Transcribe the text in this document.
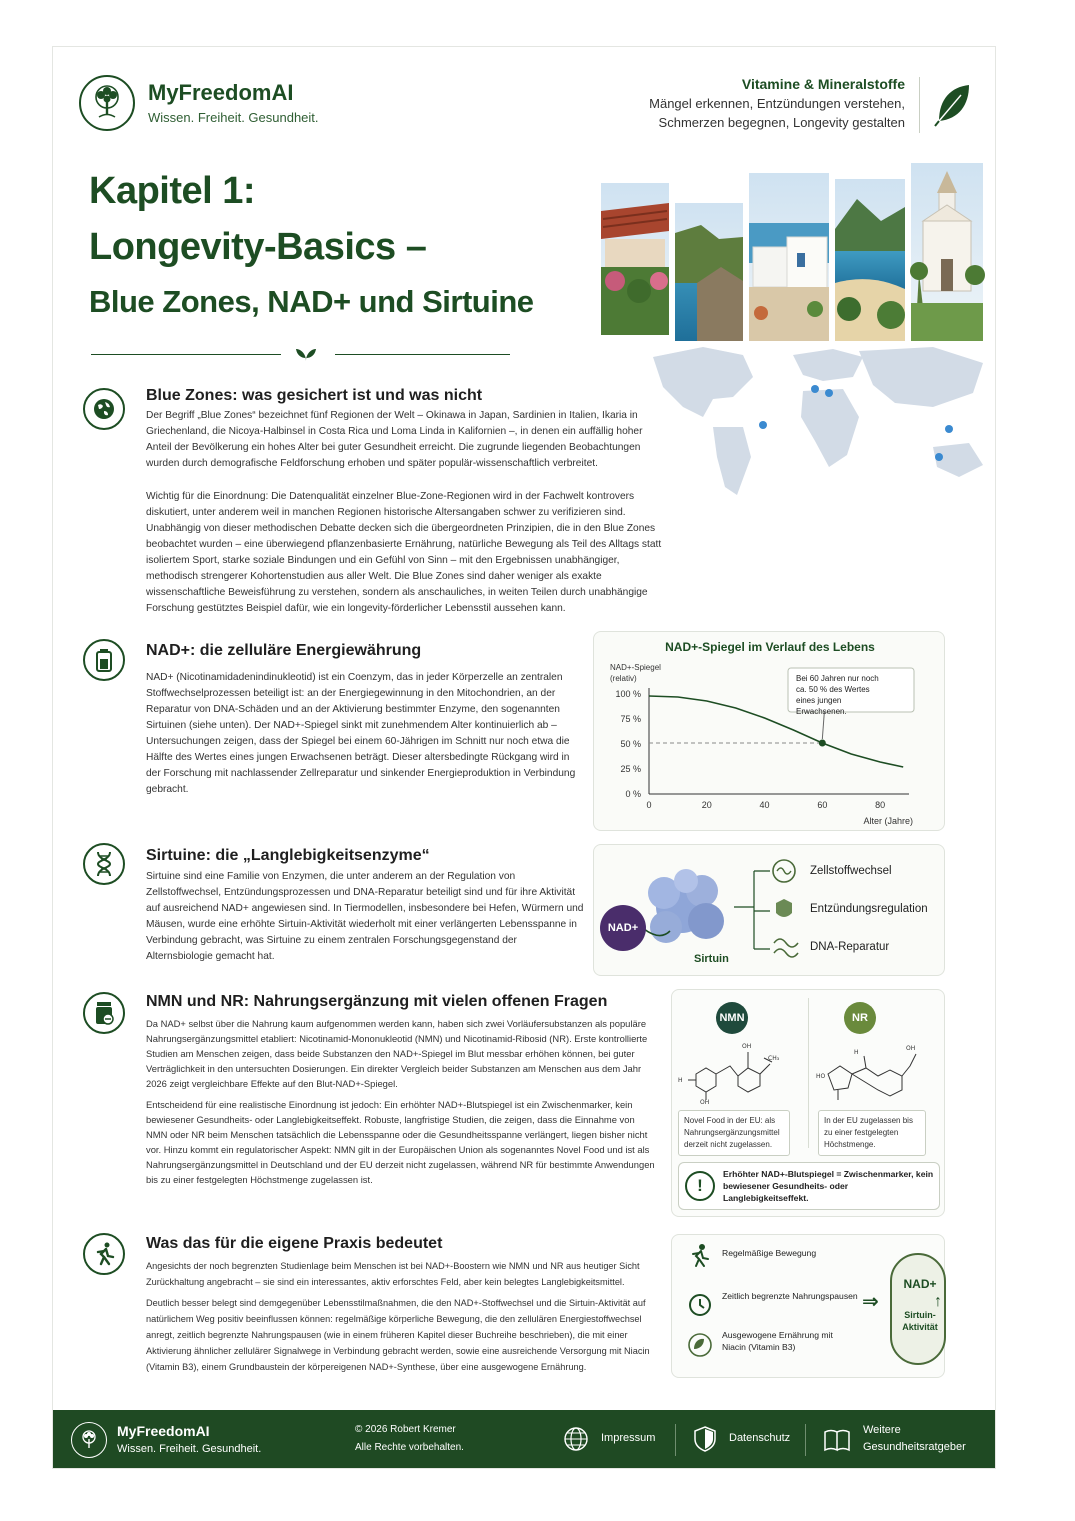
MyFreedomAI
Wissen. Freiheit. Gesundheit.
Vitamine & Mineralstoffe
Mängel erkennen, Entzündungen verstehen,
Schmerzen begegnen, Longevity gestalten
Kapitel 1:
Longevity-Basics –
Blue Zones, NAD+ und Sirtuine
Blue Zones: was gesichert ist und was nicht
Der Begriff „Blue Zones“ bezeichnet fünf Regionen der Welt – Okinawa in Japan, Sardinien in Italien, Ikaria in Griechenland, die Nicoya-Halbinsel in Costa Rica und Loma Linda in Kalifornien –, in denen ein auffällig hoher Anteil der Bevölkerung ein hohes Alter bei guter Gesundheit erreicht. Die zugrunde liegenden Beobachtungen wurden durch demografische Feldforschung erhoben und später populär-wissenschaftlich verbreitet.
Wichtig für die Einordnung: Die Datenqualität einzelner Blue-Zone-Regionen wird in der Fachwelt kontrovers diskutiert, unter anderem weil in manchen Regionen historische Altersangaben schwer zu verifizieren sind. Unabhängig von dieser methodischen Debatte decken sich die übergeordneten Prinzipien, die in den Blue Zones beobachtet wurden – eine überwiegend pflanzenbasierte Ernährung, natürliche Bewegung als Teil des Alltags statt isoliertem Sport, starke soziale Bindungen und ein Gefühl von Sinn – mit den Ergebnissen unabhängiger, methodisch strengerer Kohortenstudien aus aller Welt. Die Blue Zones sind daher weniger als exakte wissenschaftliche Beweisführung zu verstehen, sondern als anschauliches, in weiten Teilen durch unabhängige Forschung gestütztes Beispiel dafür, wie ein longevity-förderlicher Lebensstil aussehen kann.
NAD+: die zelluläre Energiewährung
NAD+ (Nicotinamidadenindinukleotid) ist ein Coenzym, das in jeder Körperzelle an zentralen Stoffwechselprozessen beteiligt ist: an der Energiegewinnung in den Mitochondrien, an der Reparatur von DNA-Schäden und an der Aktivierung bestimmter Enzyme, den sogenannten Sirtuinen (siehe unten). Der NAD+-Spiegel sinkt mit zunehmendem Alter kontinuierlich ab – Untersuchungen zeigen, dass der Spiegel bei einem 60-Jährigen im Schnitt nur noch etwa die Hälfte des Wertes eines jungen Erwachsenen beträgt. Dieser altersbedingte Rückgang wird in der Forschung mit nachlassender Zellreparatur und sinkender Energieproduktion in Verbindung gebracht.
NAD+-Spiegel im Verlauf des Lebens
0 %
25 %
50 %
75 %
100 %
0	20	40	60	80
NAD+-Spiegel
(relativ)
Alter (Jahre)
Bei 60 Jahren nur noch
ca. 50 % des Wertes
eines jungen
Erwachsenen.
Sirtuine: die „Langlebigkeitsenzyme“
Sirtuine sind eine Familie von Enzymen, die unter anderem an der Regulation von Zellstoffwechsel, Entzündungsprozessen und DNA-Reparatur beteiligt sind und für ihre Aktivität auf ausreichend NAD+ angewiesen sind. In Tiermodellen, insbesondere bei Hefen, Würmern und Mäusen, wurde eine erhöhte Sirtuin-Aktivität wiederholt mit einer verlängerten Lebensspanne in Verbindung gebracht, was Sirtuine zu einem zentralen Forschungsgegenstand der Alternsbiologie gemacht hat.
NAD+
Sirtuin
Zellstoffwechsel
Entzündungsregulation
DNA-Reparatur
NMN und NR: Nahrungsergänzung mit vielen offenen Fragen
Da NAD+ selbst über die Nahrung kaum aufgenommen werden kann, haben sich zwei Vorläufersubstanzen als populäre Nahrungsergänzungsmittel etabliert: Nicotinamid-Mononukleotid (NMN) und Nicotinamid-Ribosid (NR). Erste kontrollierte Studien am Menschen zeigen, dass beide Substanzen den NAD+-Spiegel im Blut messbar erhöhen können, bei guter Verträglichkeit in den untersuchten Dosierungen. Ein direkter Vergleich beider Substanzen am Menschen aus dem Jahr 2026 zeigt vergleichbare Effekte auf den Blut-NAD+-Spiegel.
Entscheidend für eine realistische Einordnung ist jedoch: Ein erhöhter NAD+-Blutspiegel ist ein Zwischenmarker, kein bewiesener Gesundheits- oder Langlebigkeitseffekt. Robuste, langfristige Studien, die zeigen, dass die Einnahme von NMN oder NR beim Menschen tatsächlich die Lebensspanne oder die Gesundheitsspanne verlängert, liegen bisher nicht vor. Hinzu kommt ein regulatorischer Aspekt: NMN gilt in der Europäischen Union als sogenanntes Novel Food und ist als Nahrungsergänzungsmittel in Deutschland und der EU derzeit nicht zugelassen, während NR für bestimmte Anwendungen bis zu einer festgelegten Höchstmenge zugelassen ist.
NMN	NR
OH
CH₃
H
OH
OH
HO
H
Novel Food in der EU: als Nahrungsergänzungsmittel derzeit nicht zugelassen.
In der EU zugelassen bis zu einer festgelegten Höchstmenge.
!
Erhöhter NAD+-Blutspiegel = Zwischenmarker, kein bewiesener Gesundheits- oder Langlebigkeitseffekt.
Was das für die eigene Praxis bedeutet
Angesichts der noch begrenzten Studienlage beim Menschen ist bei NAD+-Boostern wie NMN und NR aus heutiger Sicht Zurückhaltung angebracht – sie sind ein interessantes, aktiv erforschtes Feld, aber kein belegtes Langlebigkeitsmittel.
Deutlich besser belegt sind demgegenüber Lebensstilmaßnahmen, die den NAD+-Stoffwechsel und die Sirtuin-Aktivität auf natürlichem Weg positiv beeinflussen können: regelmäßige körperliche Bewegung, die den zellulären Energiestoffwechsel anregt, zeitlich begrenzte Nahrungspausen (wie in einem früheren Kapitel dieser Buchreihe beschrieben), die mit einer Aktivierung ähnlicher zellulärer Signalwege in Verbindung gebracht werden, sowie eine ausreichende Versorgung mit Niacin (Vitamin B3), einem Grundbaustein der körpereigenen NAD+-Synthese, über eine ausgewogene Ernährung.
Regelmäßige Bewegung
Zeitlich begrenzte Nahrungspausen
Ausgewogene Ernährung mit Niacin (Vitamin B3)
⇒
NAD+
Sirtuin-Aktivität
↑
MyFreedomAI
Wissen. Freiheit. Gesundheit.
© 2026 Robert Kremer
Alle Rechte vorbehalten.
Impressum	Datenschutz
Weitere
Gesundheitsratgeber
